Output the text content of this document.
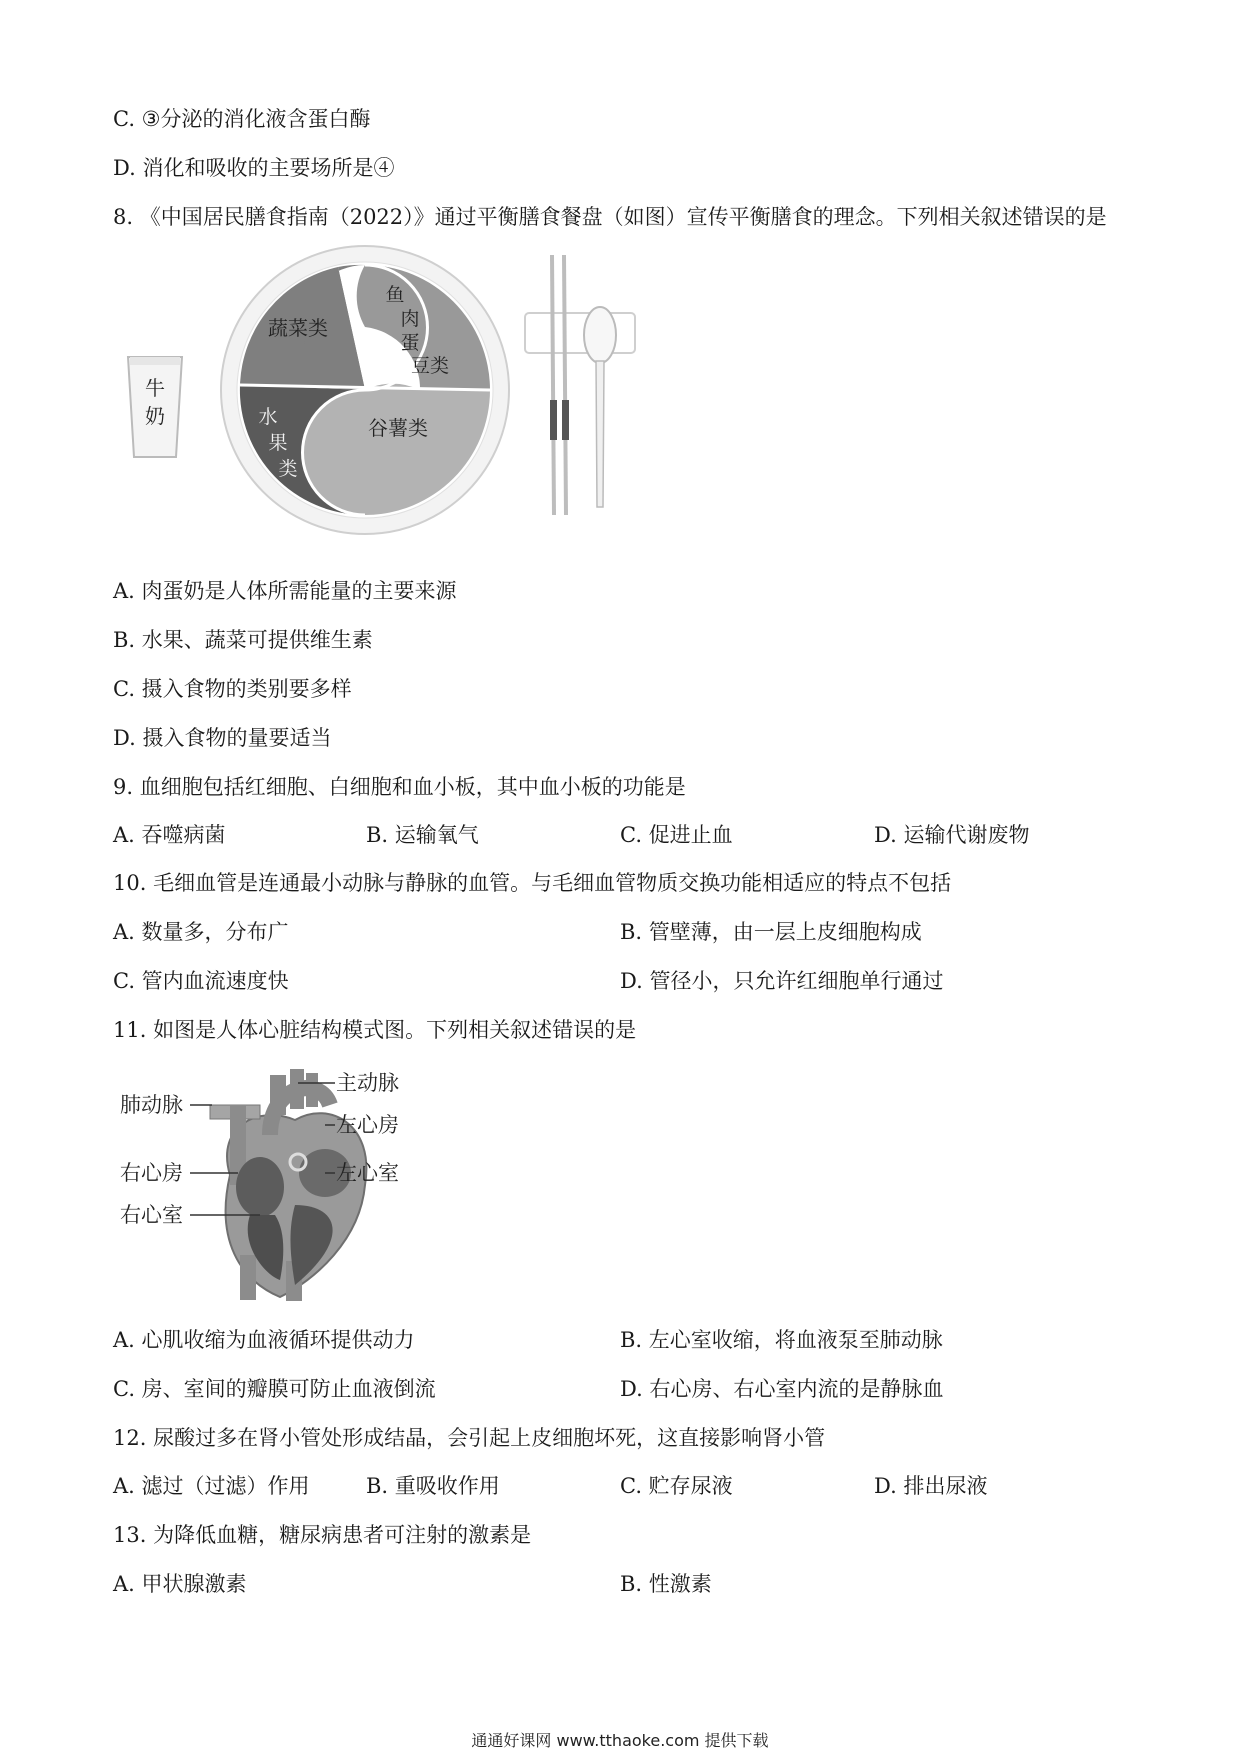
C. ③分泌的消化液含蛋白酶
D. 消化和吸收的主要场所是④
8. 《中国居民膳食指南（2022）》通过平衡膳食餐盘（如图）宣传平衡膳食的理念。下列相关叙述错误的是
牛
奶
蔬菜类
鱼
肉
蛋
豆类
水
果
类
谷薯类
A. 肉蛋奶是人体所需能量的主要来源
B. 水果、蔬菜可提供维生素
C. 摄入食物的类别要多样
D. 摄入食物的量要适当
9. 血细胞包括红细胞、白细胞和血小板，其中血小板的功能是
A. 吞噬病菌	B. 运输氧气	C. 促进止血	D. 运输代谢废物
10. 毛细血管是连通最小动脉与静脉的血管。与毛细血管物质交换功能相适应的特点不包括
A. 数量多，分布广	B. 管壁薄，由一层上皮细胞构成
C. 管内血流速度快	D. 管径小，只允许红细胞单行通过
11. 如图是人体心脏结构模式图。下列相关叙述错误的是
肺动脉
主动脉
左心房
右心房	左心室
右心室
A. 心肌收缩为血液循环提供动力	B. 左心室收缩，将血液泵至肺动脉
C. 房、室间的瓣膜可防止血液倒流	D. 右心房、右心室内流的是静脉血
12. 尿酸过多在肾小管处形成结晶，会引起上皮细胞坏死，这直接影响肾小管
A. 滤过（过滤）作用	B. 重吸收作用	C. 贮存尿液	D. 排出尿液
13. 为降低血糖，糖尿病患者可注射的激素是
A. 甲状腺激素	B. 性激素
通通好课网 www.tthaoke.com 提供下载
